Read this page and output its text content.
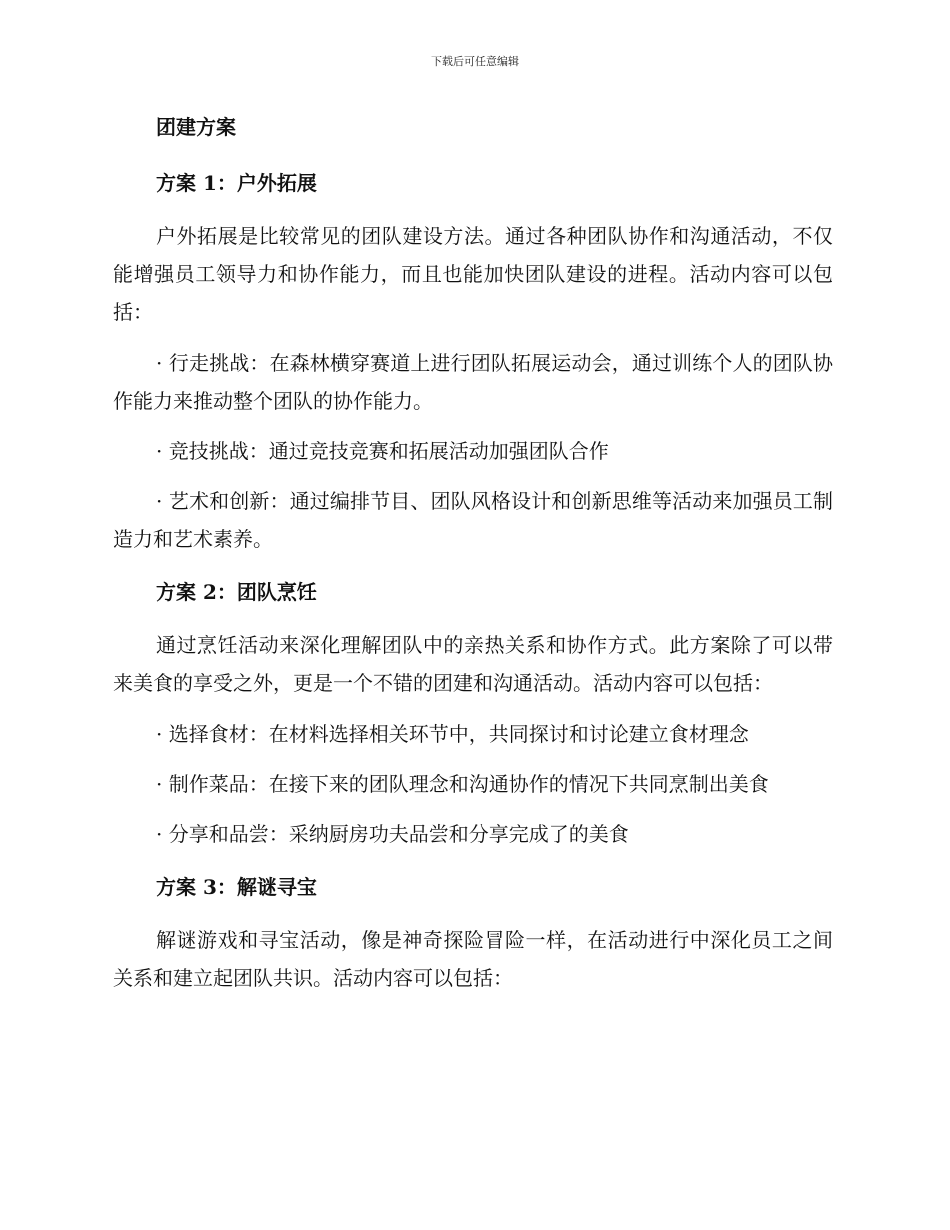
下载后可任意编辑
团建方案
方案 1：户外拓展

户外拓展是比较常见的团队建设方法。通过各种团队协作和沟通活动，不仅能增强员工领导力和协作能力，而且也能加快团队建设的进程。活动内容可以包括：

· 行走挑战：在森林横穿赛道上进行团队拓展运动会，通过训练个人的团队协作能力来推动整个团队的协作能力。

· 竞技挑战：通过竞技竞赛和拓展活动加强团队合作

· 艺术和创新：通过编排节目、团队风格设计和创新思维等活动来加强员工制造力和艺术素养。

方案 2：团队烹饪

通过烹饪活动来深化理解团队中的亲热关系和协作方式。此方案除了可以带来美食的享受之外，更是一个不错的团建和沟通活动。活动内容可以包括：

· 选择食材：在材料选择相关环节中，共同探讨和讨论建立食材理念

· 制作菜品：在接下来的团队理念和沟通协作的情况下共同烹制出美食

· 分享和品尝：采纳厨房功夫品尝和分享完成了的美食

方案 3：解谜寻宝

解谜游戏和寻宝活动，像是神奇探险冒险一样，在活动进行中深化员工之间关系和建立起团队共识。活动内容可以包括：
